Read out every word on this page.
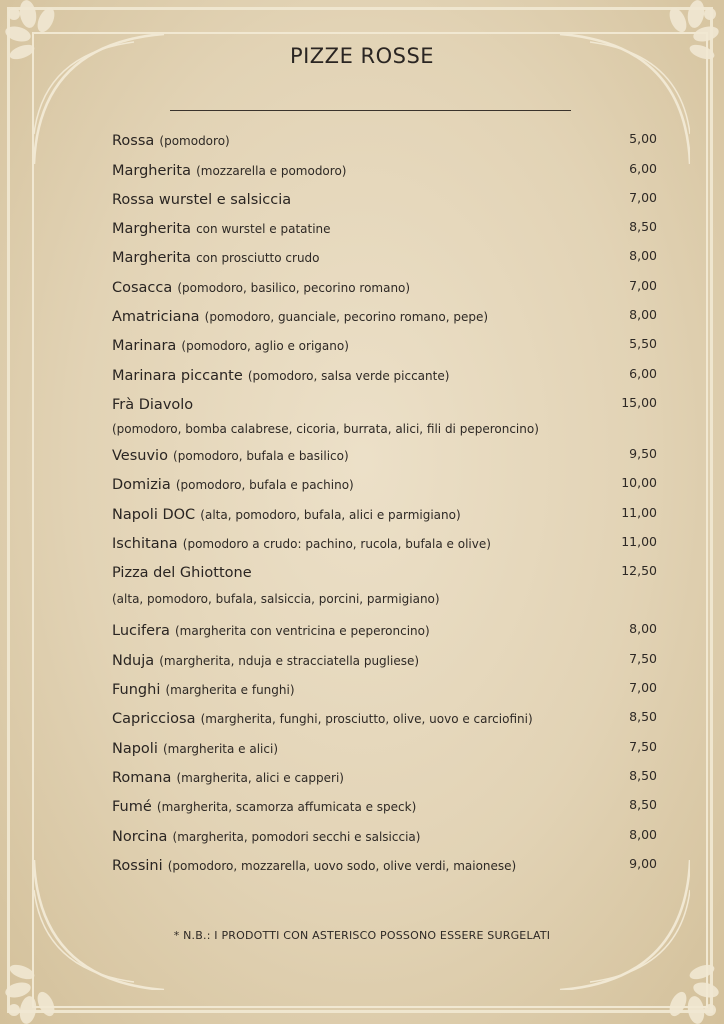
PIZZE ROSSE
Rossa (pomodoro)	5,00
Margherita (mozzarella e pomodoro)	6,00
Rossa wurstel e salsiccia	7,00
Margherita con wurstel e patatine	8,50
Margherita con prosciutto crudo	8,00
Cosacca (pomodoro, basilico, pecorino romano)	7,00
Amatriciana (pomodoro, guanciale, pecorino romano, pepe)	8,00
Marinara (pomodoro, aglio e origano)	5,50
Marinara piccante (pomodoro, salsa verde piccante)	6,00
Frà Diavolo	15,00
(pomodoro, bomba calabrese, cicoria, burrata, alici, fili di peperoncino)
Vesuvio (pomodoro, bufala e basilico)	9,50
Domizia (pomodoro, bufala e pachino)	10,00
Napoli DOC (alta, pomodoro, bufala, alici e parmigiano)	11,00
Ischitana (pomodoro a crudo: pachino, rucola, bufala e olive)	11,00
Pizza del Ghiottone	12,50
(alta, pomodoro, bufala, salsiccia, porcini, parmigiano)
Lucifera (margherita con ventricina e peperoncino)	8,00
Nduja (margherita, nduja e stracciatella pugliese)	7,50
Funghi (margherita e funghi)	7,00
Capricciosa (margherita, funghi, prosciutto, olive, uovo e carciofini)	8,50
Napoli (margherita e alici)	7,50
Romana (margherita, alici e capperi)	8,50
Fumé (margherita, scamorza affumicata e speck)	8,50
Norcina (margherita, pomodori secchi e salsiccia)	8,00
Rossini (pomodoro, mozzarella, uovo sodo, olive verdi, maionese)	9,00
* N.B.: I PRODOTTI CON ASTERISCO POSSONO ESSERE SURGELATI
